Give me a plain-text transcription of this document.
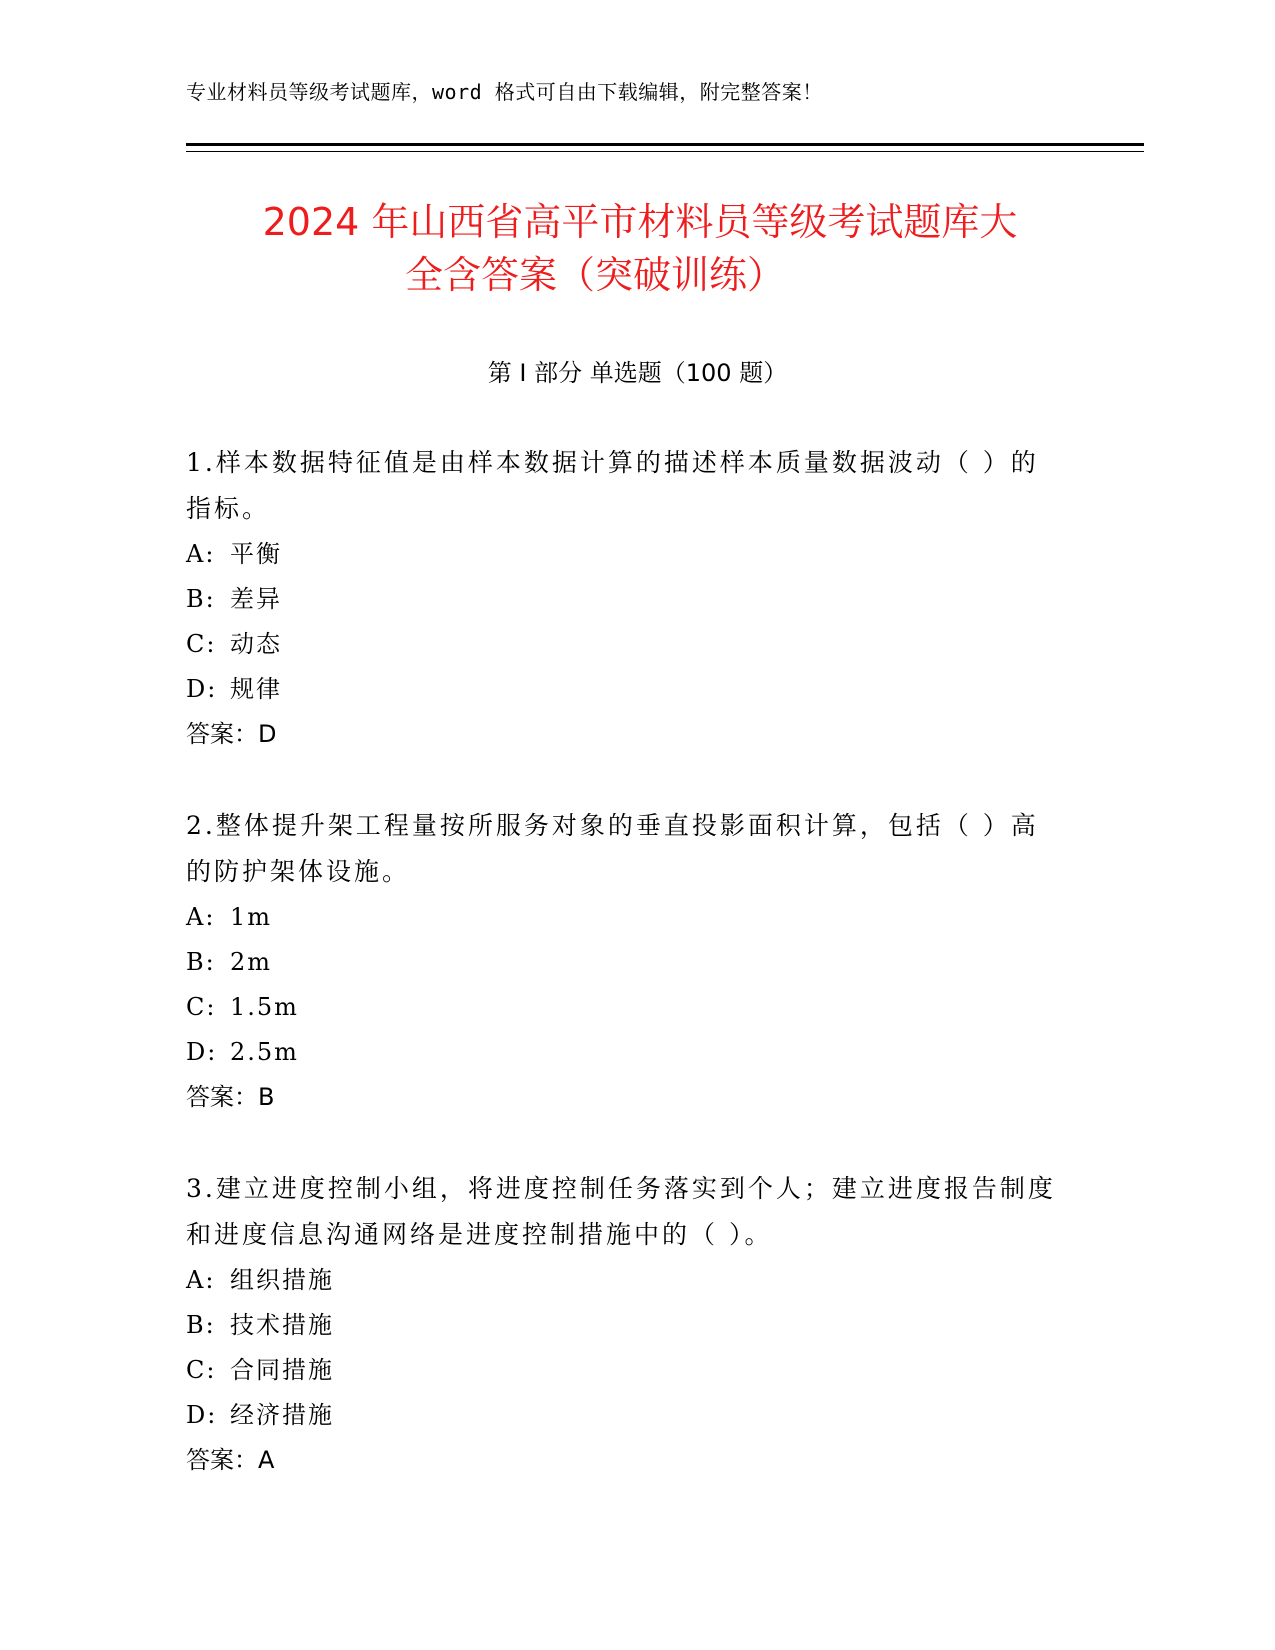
专业材料员等级考试题库，word 格式可自由下载编辑，附完整答案！
2024 年山西省高平市材料员等级考试题库大
全含答案（突破训练）
第 I 部分 单选题（100 题）

1.样本数据特征值是由样本数据计算的描述样本质量数据波动（ ）的指标。

A: 平衡
B: 差异
C: 动态
D: 规律
答案：D

2.整体提升架工程量按所服务对象的垂直投影面积计算，包括（ ）高的防护架体设施。

A: 1m
B: 2m
C: 1.5m
D: 2.5m
答案：B

3.建立进度控制小组，将进度控制任务落实到个人；建立进度报告制度和进度信息沟通网络是进度控制措施中的（ ）。

A: 组织措施
B: 技术措施
C: 合同措施
D: 经济措施
答案：A
